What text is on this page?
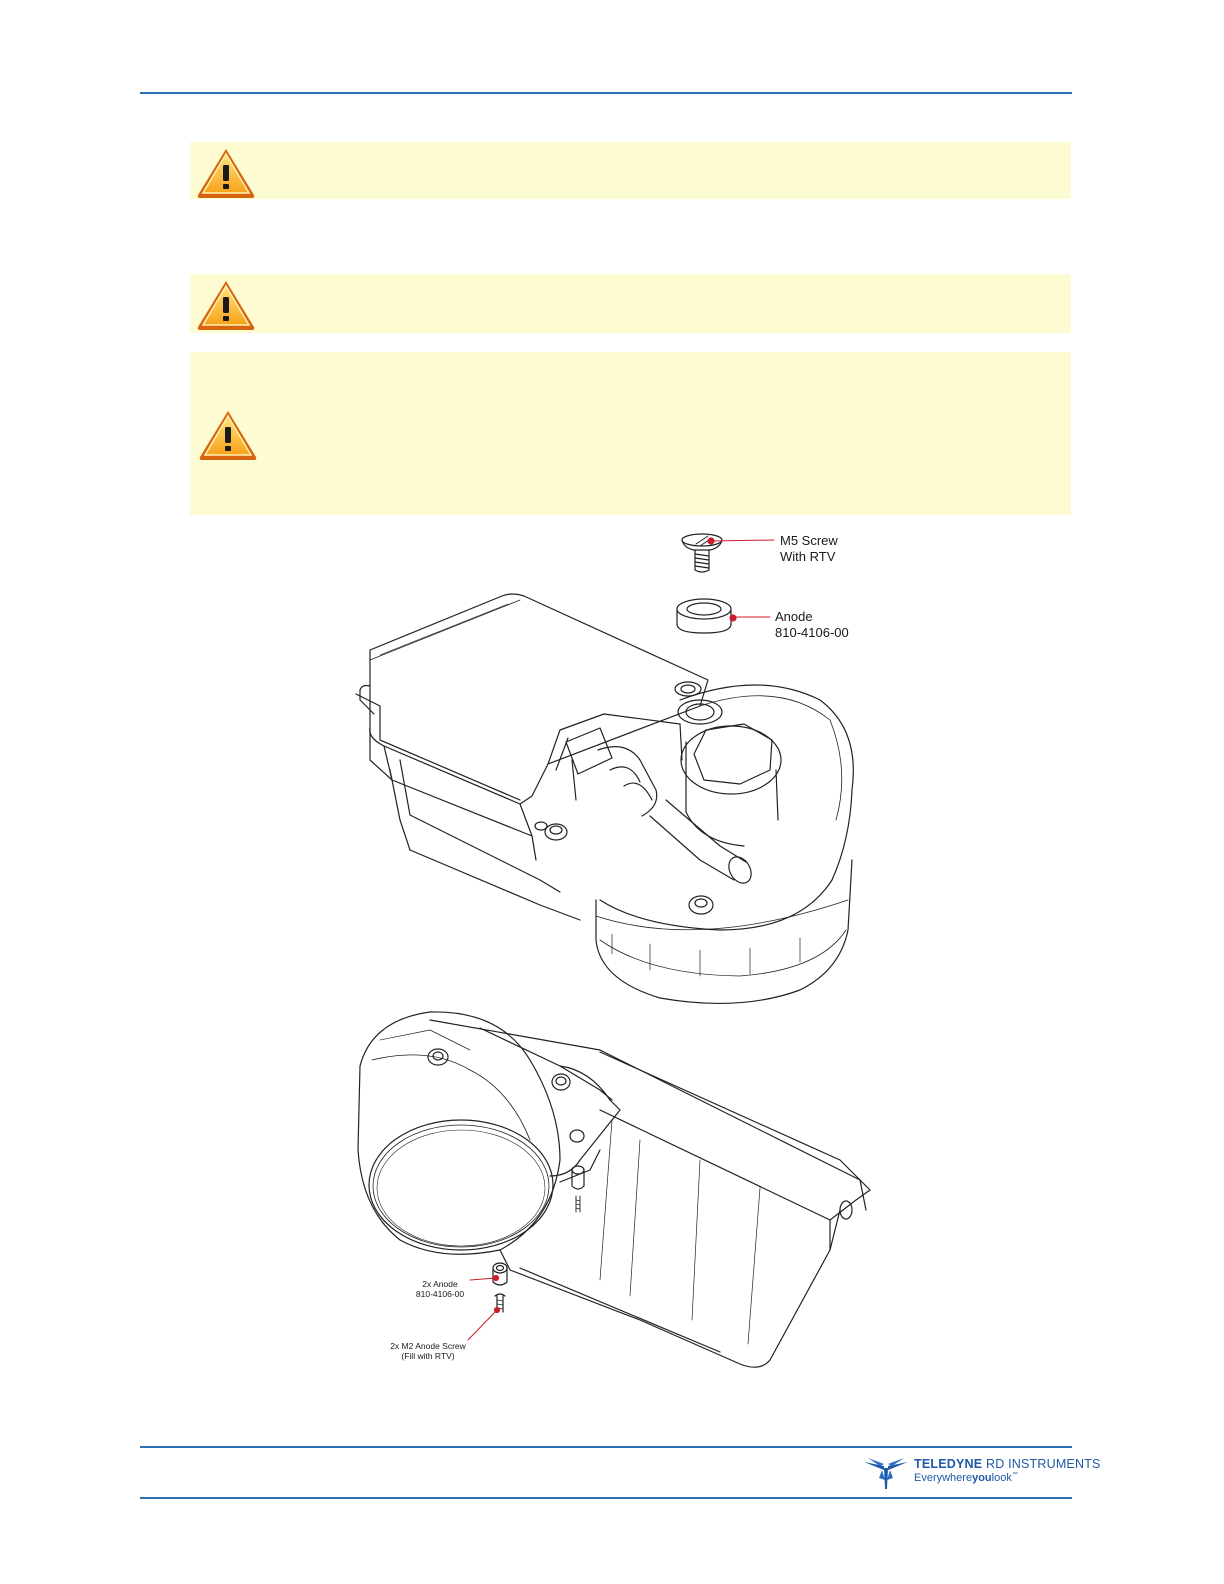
M5 Screw
With RTV
Anode
810-4106-00
2x Anode
810-4106-00
2x M2 Anode Screw
(Fill with RTV)
TELEDYNE RD INSTRUMENTS
Everywhereyoulook™
